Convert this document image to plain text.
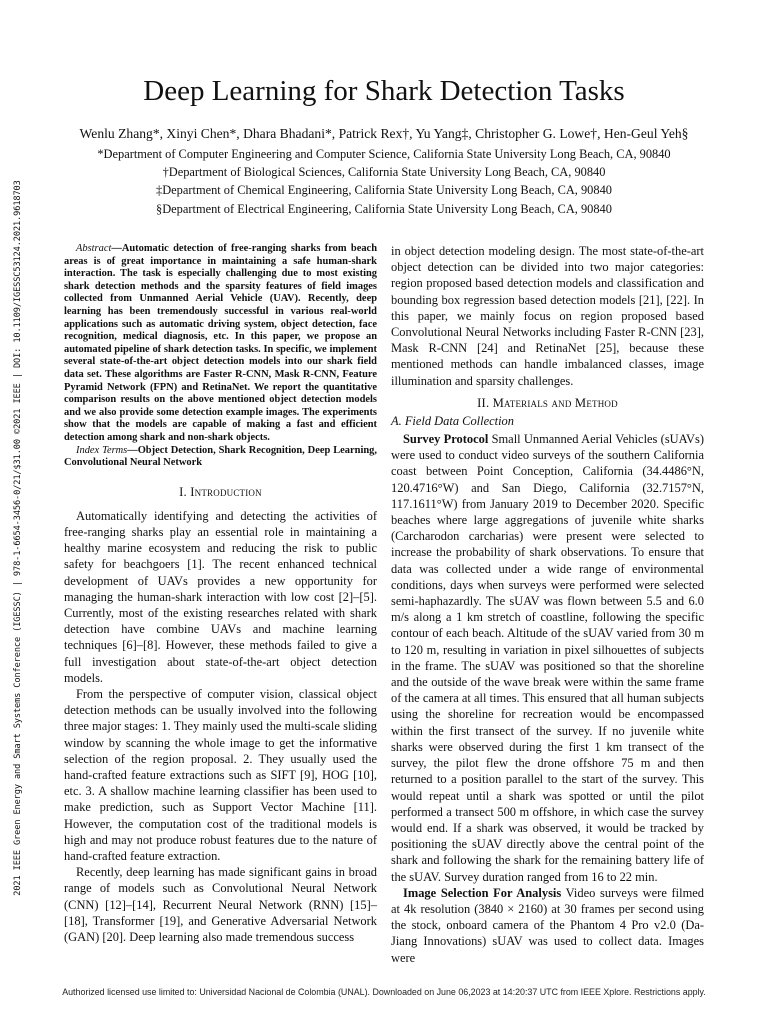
2021 IEEE Green Energy and Smart Systems Conference (IGESSC) | 978-1-6654-3456-0/21/$31.00 ©2021 IEEE | DOI: 10.1109/IGESSC53124.2021.9618703
Deep Learning for Shark Detection Tasks
Wenlu Zhang*, Xinyi Chen*, Dhara Bhadani*, Patrick Rex†, Yu Yang‡, Christopher G. Lowe†, Hen-Geul Yeh§
*Department of Computer Engineering and Computer Science, California State University Long Beach, CA, 90840
†Department of Biological Sciences, California State University Long Beach, CA, 90840
‡Department of Chemical Engineering, California State University Long Beach, CA, 90840
§Department of Electrical Engineering, California State University Long Beach, CA, 90840

Abstract—Automatic detection of free-ranging sharks from beach areas is of great importance in maintaining a safe human-shark interaction. The task is especially challenging due to most existing shark detection methods and the sparsity features of field images collected from Unmanned Aerial Vehicle (UAV). Recently, deep learning has been tremendously successful in various real-world applications such as automatic driving system, object detection, face recognition, medical diagnosis, etc. In this paper, we propose an automated pipeline of shark detection tasks. In specific, we implement several state-of-the-art object detection models into our shark field data set. These algorithms are Faster R-CNN, Mask R-CNN, Feature Pyramid Network (FPN) and RetinaNet. We report the quantitative comparison results on the above mentioned object detection models and we also provide some detection example images. The experiments show that the models are capable of making a fast and efficient detection among shark and non-shark objects.

Index Terms—Object Detection, Shark Recognition, Deep Learning, Convolutional Neural Network

I. Introduction

Automatically identifying and detecting the activities of free-ranging sharks play an essential role in maintaining a healthy marine ecosystem and reducing the risk to public safety for beachgoers [1]. The recent enhanced technical development of UAVs provides a new opportunity for managing the human-shark interaction with low cost [2]–[5]. Currently, most of the existing researches related with shark detection have combine UAVs and machine learning techniques [6]–[8]. However, these methods failed to give a full investigation about state-of-the-art object detection models.

From the perspective of computer vision, classical object detection methods can be usually involved into the following three major stages: 1. They mainly used the multi-scale sliding window by scanning the whole image to get the informative selection of the region proposal. 2. They usually used the hand-crafted feature extractions such as SIFT [9], HOG [10], etc. 3. A shallow machine learning classifier has been used to make prediction, such as Support Vector Machine [11]. However, the computation cost of the traditional models is high and may not produce robust features due to the nature of hand-crafted feature extraction.

Recently, deep learning has made significant gains in broad range of models such as Convolutional Neural Network (CNN) [12]–[14], Recurrent Neural Network (RNN) [15]–[18], Transformer [19], and Generative Adversarial Network (GAN) [20]. Deep learning also made tremendous success

in object detection modeling design. The most state-of-the-art object detection can be divided into two major categories: region proposed based detection models and classification and bounding box regression based detection models [21], [22]. In this paper, we mainly focus on region proposed based Convolutional Neural Networks including Faster R-CNN [23], Mask R-CNN [24] and RetinaNet [25], because these mentioned methods can handle imbalanced classes, image illumination and sparsity challenges.

II. Materials and Method
A. Field Data Collection

Survey Protocol Small Unmanned Aerial Vehicles (sUAVs) were used to conduct video surveys of the southern California coast between Point Conception, California (34.4486°N, 120.4716°W) and San Diego, California (32.7157°N, 117.1611°W) from January 2019 to December 2020. Specific beaches where large aggregations of juvenile white sharks (Carcharodon carcharias) were present were selected to increase the probability of shark observations. To ensure that data was collected under a wide range of environmental conditions, days when surveys were performed were selected semi-haphazardly. The sUAV was flown between 5.5 and 6.0 m/s along a 1 km stretch of coastline, following the specific contour of each beach. Altitude of the sUAV varied from 30 m to 120 m, resulting in variation in pixel silhouettes of subjects in the frame. The sUAV was positioned so that the shoreline and the outside of the wave break were within the same frame of the camera at all times. This ensured that all human subjects using the shoreline for recreation would be encompassed within the first transect of the survey. If no juvenile white sharks were observed during the first 1 km transect of the survey, the pilot flew the drone offshore 75 m and then returned to a position parallel to the start of the survey. This would repeat until a shark was spotted or until the pilot performed a transect 500 m offshore, in which case the survey would end. If a shark was observed, it would be tracked by positioning the sUAV directly above the central point of the shark and following the shark for the remaining battery life of the sUAV. Survey duration ranged from 16 to 22 min.

Image Selection For Analysis Video surveys were filmed at 4k resolution (3840 × 2160) at 30 frames per second using the stock, onboard camera of the Phantom 4 Pro v2.0 (Da-Jiang Innovations) sUAV was used to collect data. Images were

Authorized licensed use limited to: Universidad Nacional de Colombia (UNAL). Downloaded on June 06,2023 at 14:20:37 UTC from IEEE Xplore. Restrictions apply.
